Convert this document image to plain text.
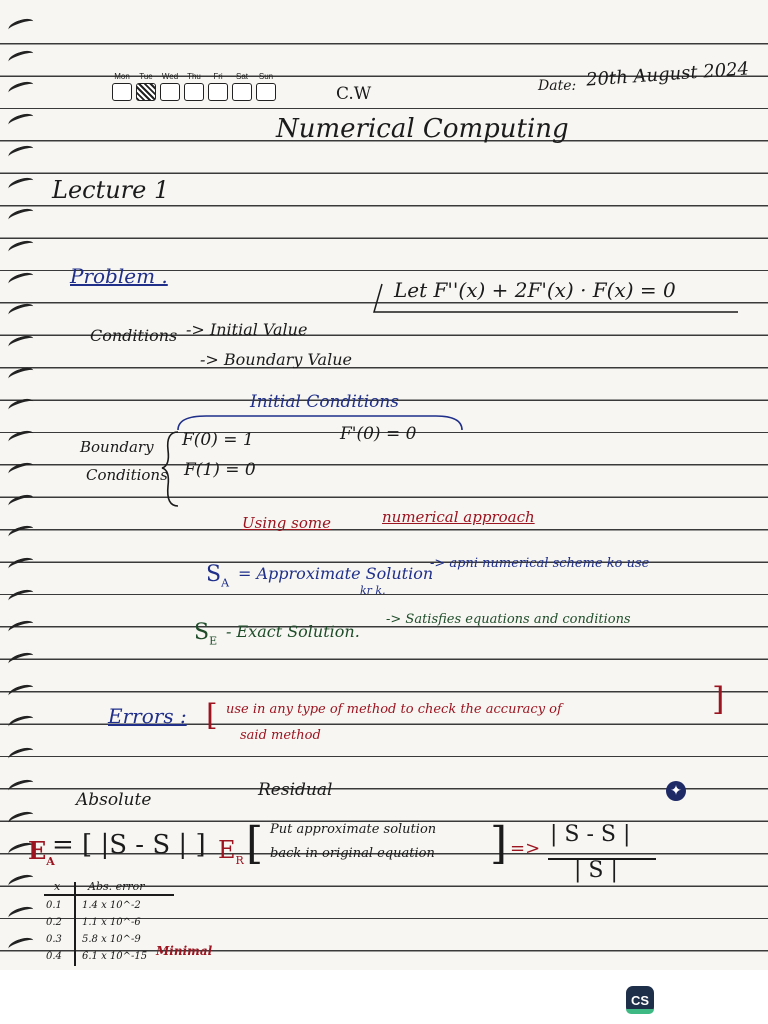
Mon Tue Wed Thu Fri Sat Sun
C.W	Date: 20th August 2024
Numerical Computing
Lecture 1
Problem .
Let F''(x) + 2F'(x) · F(x) = 0
Conditions -> Initial Value
-> Boundary Value
Initial Conditions
Boundary
Conditions
F(0) = 1
F(1) = 0
F'(0) = 0
Using some	numerical approach
$S_A$ = Approximate Solution
-> apni numerical scheme ko use
kr k.
$S_E$ - Exact Solution.
-> Satisfies equations and conditions
Errors : [ use in any type of method to check the accuracy of
said method
]
Absolute	Residual	✦
$E_A$
= [ |S - S | ] $E_R$ [ Put approximate solution
back in original equation ] =>
| S - S |
| S |
x	Abs. error
0.1 1.4 x 10^-2
0.2 1.1 x 10^-6
0.3 5.8 x 10^-9
0.4 6.1 x 10^-15 Minimal
CS
